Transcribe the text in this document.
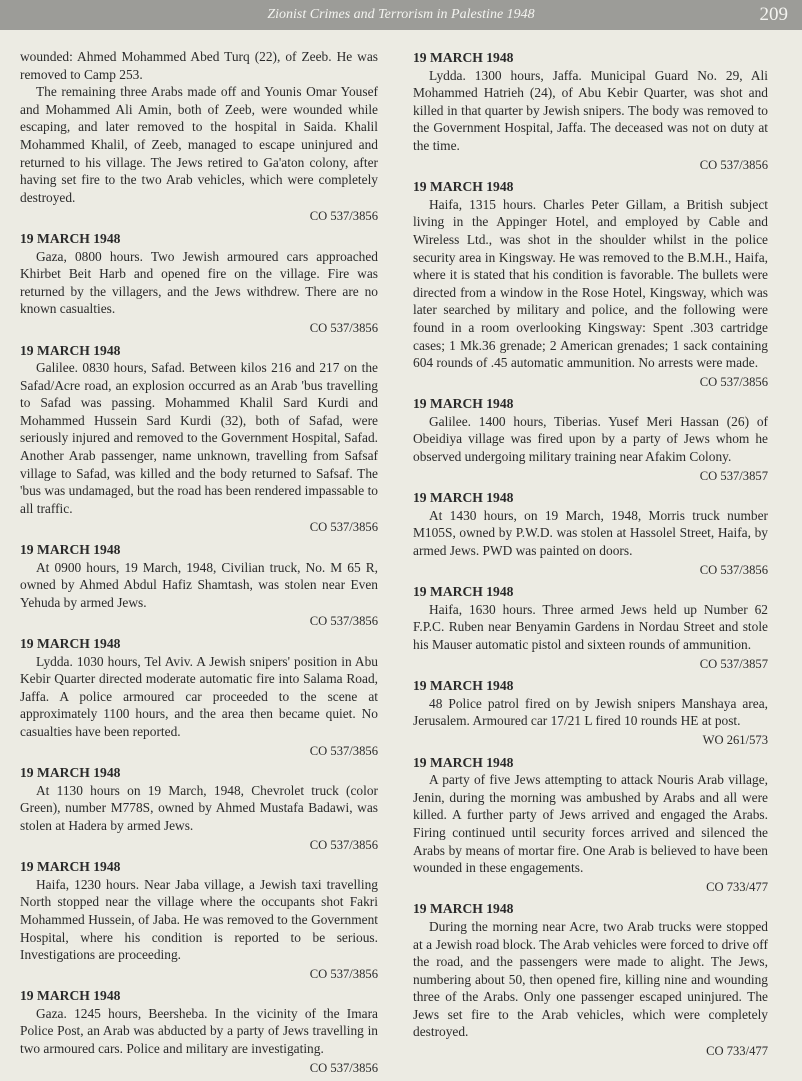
Zionist Crimes and Terrorism in Palestine 1948	209

wounded: Ahmed Mohammed Abed Turq (22), of Zeeb. He was removed to Camp 253.

The remaining three Arabs made off and Younis Omar Yousef and Mohammed Ali Amin, both of Zeeb, were wounded while escaping, and later removed to the hospital in Saida. Khalil Mohammed Khalil, of Zeeb, managed to escape uninjured and returned to his village. The Jews retired to Ga'aton colony, after having set fire to the two Arab vehicles, which were completely destroyed.

CO 537/3856
19 MARCH 1948

Gaza, 0800 hours. Two Jewish armoured cars approached Khirbet Beit Harb and opened fire on the village. Fire was returned by the villagers, and the Jews withdrew. There are no known casualties.

CO 537/3856
19 MARCH 1948

Galilee. 0830 hours, Safad. Between kilos 216 and 217 on the Safad/Acre road, an explosion occurred as an Arab 'bus travelling to Safad was passing. Mohammed Khalil Sard Kurdi and Mohammed Hussein Sard Kurdi (32), both of Safad, were seriously injured and removed to the Government Hospital, Safad. Another Arab passenger, name unknown, travelling from Safsaf village to Safad, was killed and the body returned to Safsaf. The 'bus was undamaged, but the road has been rendered impassable to all traffic.

CO 537/3856
19 MARCH 1948

At 0900 hours, 19 March, 1948, Civilian truck, No. M 65 R, owned by Ahmed Abdul Hafiz Shamtash, was stolen near Even Yehuda by armed Jews.

CO 537/3856
19 MARCH 1948

Lydda. 1030 hours, Tel Aviv. A Jewish snipers' position in Abu Kebir Quarter directed moderate automatic fire into Salama Road, Jaffa. A police armoured car proceeded to the scene at approximately 1100 hours, and the area then became quiet. No casualties have been reported.

CO 537/3856
19 MARCH 1948

At 1130 hours on 19 March, 1948, Chevrolet truck (color Green), number M778S, owned by Ahmed Mustafa Badawi, was stolen at Hadera by armed Jews.

CO 537/3856
19 MARCH 1948

Haifa, 1230 hours. Near Jaba village, a Jewish taxi travelling North stopped near the village where the occupants shot Fakri Mohammed Hussein, of Jaba. He was removed to the Government Hospital, where his condition is reported to be serious. Investigations are proceeding.

CO 537/3856
19 MARCH 1948

Gaza. 1245 hours, Beersheba. In the vicinity of the Imara Police Post, an Arab was abducted by a party of Jews travelling in two armoured cars. Police and military are investigating.

CO 537/3856
19 MARCH 1948

Lydda. 1300 hours, Jaffa. Municipal Guard No. 29, Ali Mohammed Hatrieh (24), of Abu Kebir Quarter, was shot and killed in that quarter by Jewish snipers. The body was removed to the Government Hospital, Jaffa. The deceased was not on duty at the time.

CO 537/3856
19 MARCH 1948

Haifa, 1315 hours. Charles Peter Gillam, a British subject living in the Appinger Hotel, and employed by Cable and Wireless Ltd., was shot in the shoulder whilst in the police security area in Kingsway. He was removed to the B.M.H., Haifa, where it is stated that his condition is favorable. The bullets were directed from a window in the Rose Hotel, Kingsway, which was later searched by military and police, and the following were found in a room overlooking Kingsway: Spent .303 cartridge cases; 1 Mk.36 grenade; 2 American grenades; 1 sack containing 604 rounds of .45 automatic ammunition. No arrests were made.

CO 537/3856
19 MARCH 1948

Galilee. 1400 hours, Tiberias. Yusef Meri Hassan (26) of Obeidiya village was fired upon by a party of Jews whom he observed undergoing military training near Afakim Colony.

CO 537/3857
19 MARCH 1948

At 1430 hours, on 19 March, 1948, Morris truck number M105S, owned by P.W.D. was stolen at Hassolel Street, Haifa, by armed Jews. PWD was painted on doors.

CO 537/3856
19 MARCH 1948

Haifa, 1630 hours. Three armed Jews held up Number 62 F.P.C. Ruben near Benyamin Gardens in Nordau Street and stole his Mauser automatic pistol and sixteen rounds of ammunition.

CO 537/3857
19 MARCH 1948

48 Police patrol fired on by Jewish snipers Manshaya area, Jerusalem. Armoured car 17/21 L fired 10 rounds HE at post.

WO 261/573
19 MARCH 1948

A party of five Jews attempting to attack Nouris Arab village, Jenin, during the morning was ambushed by Arabs and all were killed. A further party of Jews arrived and engaged the Arabs. Firing continued until security forces arrived and silenced the Arabs by means of mortar fire. One Arab is believed to have been wounded in these engagements.

CO 733/477
19 MARCH 1948

During the morning near Acre, two Arab trucks were stopped at a Jewish road block. The Arab vehicles were forced to drive off the road, and the passengers were made to alight. The Jews, numbering about 50, then opened fire, killing nine and wounding three of the Arabs. Only one passenger escaped uninjured. The Jews set fire to the Arab vehicles, which were completely destroyed.

CO 733/477
